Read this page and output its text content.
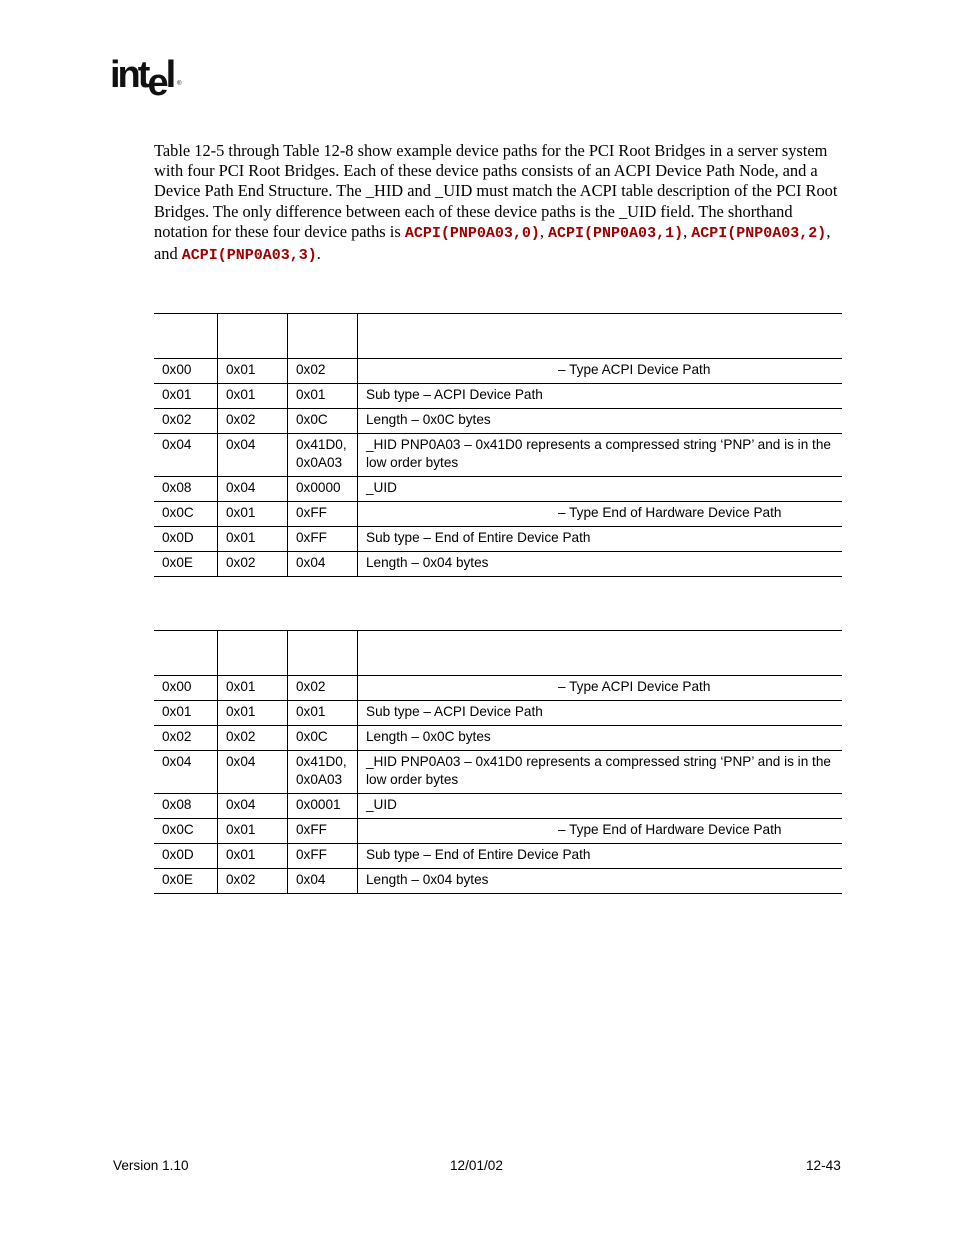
intel ®
Table 12-5 through Table 12-8 show example device paths for the PCI Root Bridges in a server system with four PCI Root Bridges. Each of these device paths consists of an ACPI Device Path Node, and a Device Path End Structure. The _HID and _UID must match the ACPI table description of the PCI Root Bridges. The only difference between each of these device paths is the _UID field. The shorthand notation for these four device paths is ACPI(PNP0A03,0), ACPI(PNP0A03,1), ACPI(PNP0A03,2), and ACPI(PNP0A03,3).

0x00	0x01	0x02	– Type ACPI Device Path
0x01	0x01	0x01	Sub type – ACPI Device Path
0x02	0x02	0x0C	Length – 0x0C bytes
0x04	0x04	0x41D0, 0x0A03	_HID PNP0A03 – 0x41D0 represents a compressed string ‘PNP’ and is in the low order bytes
0x08	0x04	0x0000	_UID
0x0C	0x01	0xFF	– Type End of Hardware Device Path
0x0D	0x01	0xFF	Sub type – End of Entire Device Path
0x0E	0x02	0x04	Length – 0x04 bytes

0x00	0x01	0x02	– Type ACPI Device Path
0x01	0x01	0x01	Sub type – ACPI Device Path
0x02	0x02	0x0C	Length – 0x0C bytes
0x04	0x04	0x41D0, 0x0A03	_HID PNP0A03 – 0x41D0 represents a compressed string ‘PNP’ and is in the low order bytes
0x08	0x04	0x0001	_UID
0x0C	0x01	0xFF	– Type End of Hardware Device Path
0x0D	0x01	0xFF	Sub type – End of Entire Device Path
0x0E	0x02	0x04	Length – 0x04 bytes
Version 1.10	12/01/02	12-43
